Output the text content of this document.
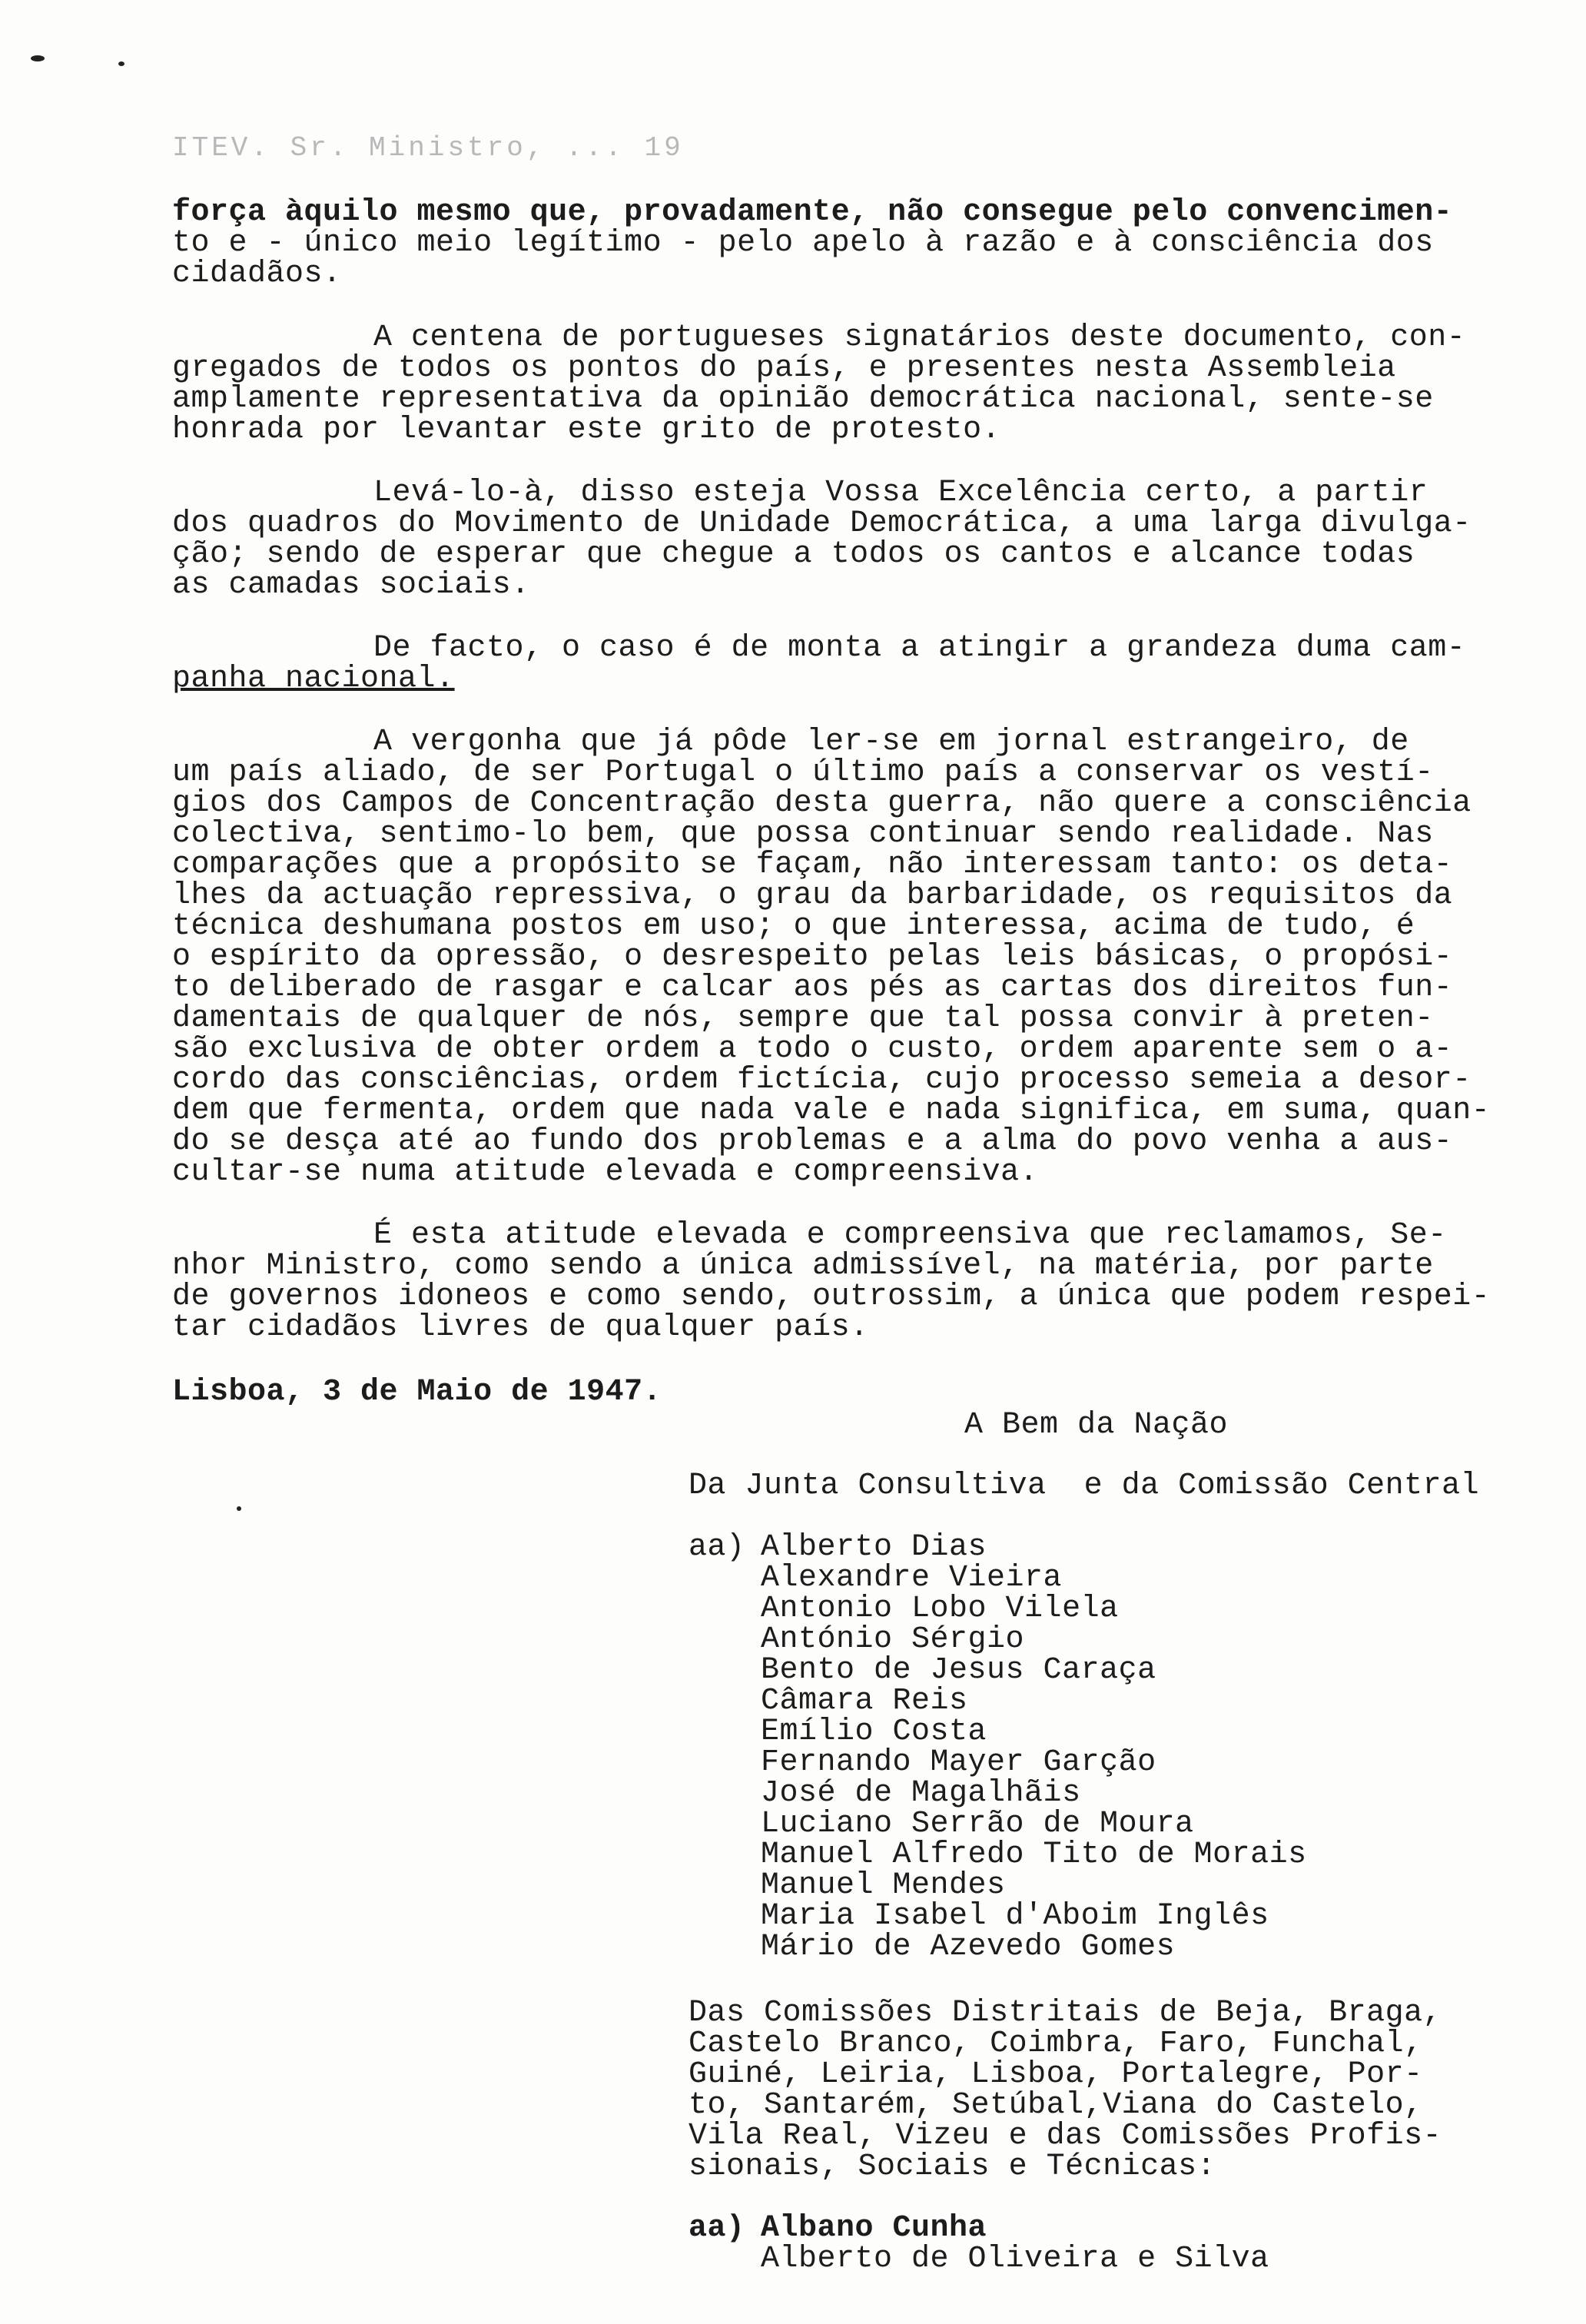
ITEV. Sr. Ministro, ... 19
força àquilo mesmo que, provadamente, não consegue pelo convencimen-
to e - único meio legítimo - pelo apelo à razão e à consciência dos
cidadãos.
A centena de portugueses signatários deste documento, con-
gregados de todos os pontos do país, e presentes nesta Assembleia
amplamente representativa da opinião democrática nacional, sente-se
honrada por levantar este grito de protesto.
Levá-lo-à, disso esteja Vossa Excelência certo, a partir
dos quadros do Movimento de Unidade Democrática, a uma larga divulga-
ção; sendo de esperar que chegue a todos os cantos e alcance todas
as camadas sociais.
De facto, o caso é de monta a atingir a grandeza duma cam-
panha nacional.
A vergonha que já pôde ler-se em jornal estrangeiro, de
um país aliado, de ser Portugal o último país a conservar os vestí-
gios dos Campos de Concentração desta guerra, não quere a consciência
colectiva, sentimo-lo bem, que possa continuar sendo realidade. Nas
comparações que a propósito se façam, não interessam tanto: os deta-
lhes da actuação repressiva, o grau da barbaridade, os requisitos da
técnica deshumana postos em uso; o que interessa, acima de tudo, é
o espírito da opressão, o desrespeito pelas leis básicas, o propósi-
to deliberado de rasgar e calcar aos pés as cartas dos direitos fun-
damentais de qualquer de nós, sempre que tal possa convir à preten-
são exclusiva de obter ordem a todo o custo, ordem aparente sem o a-
cordo das consciências, ordem fictícia, cujo processo semeia a desor-
dem que fermenta, ordem que nada vale e nada significa, em suma, quan-
do se desça até ao fundo dos problemas e a alma do povo venha a aus-
cultar-se numa atitude elevada e compreensiva.
É esta atitude elevada e compreensiva que reclamamos, Se-
nhor Ministro, como sendo a única admissível, na matéria, por parte
de governos idoneos e como sendo, outrossim, a única que podem respei-
tar cidadãos livres de qualquer país.
Lisboa, 3 de Maio de 1947.
A Bem da Nação
Da Junta Consultiva  e da Comissão Central
aa) Alberto Dias
Alexandre Vieira
Antonio Lobo Vilela
António Sérgio
Bento de Jesus Caraça
Câmara Reis
Emílio Costa
Fernando Mayer Garção
José de Magalhãis
Luciano Serrão de Moura
Manuel Alfredo Tito de Morais
Manuel Mendes
Maria Isabel d'Aboim Inglês
Mário de Azevedo Gomes
Das Comissões Distritais de Beja, Braga,
Castelo Branco, Coimbra, Faro, Funchal,
Guiné, Leiria, Lisboa, Portalegre, Por-
to, Santarém, Setúbal,Viana do Castelo,
Vila Real, Vizeu e das Comissões Profis-
sionais, Sociais e Técnicas:
aa) Albano Cunha
Alberto de Oliveira e Silva
